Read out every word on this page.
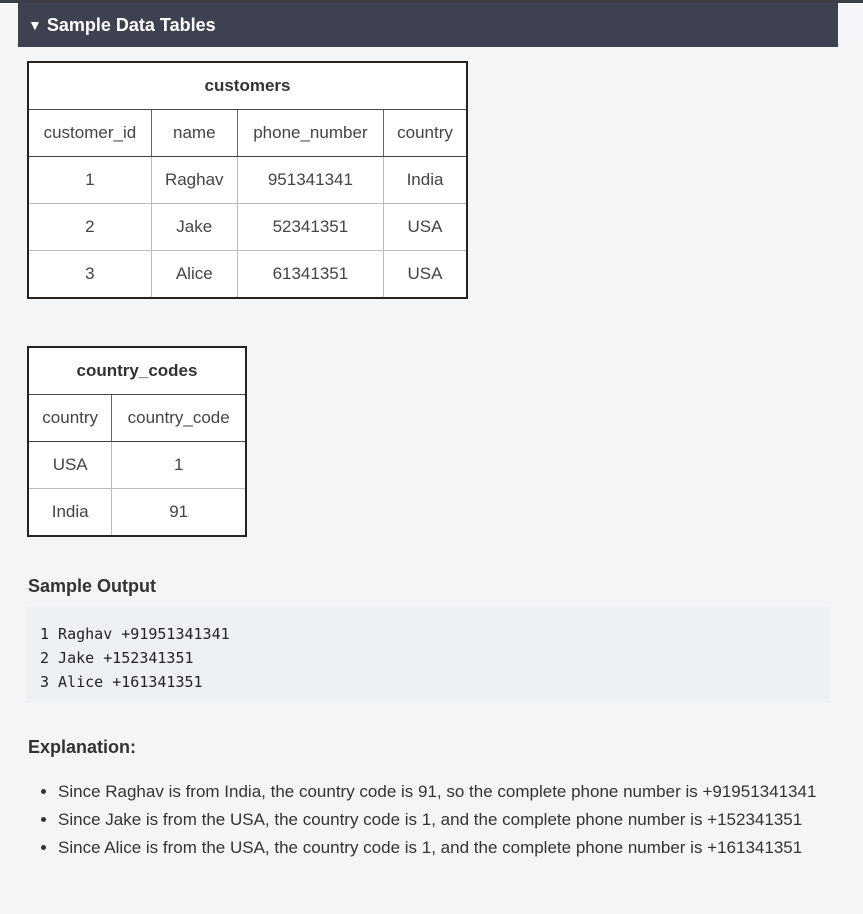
▼ Sample Data Tables
customers			
customer_id	name	phone_number	country
1	Raghav	951341341	India
2	Jake	52341351	USA
3	Alice	61341351	USA
country_codes	
country	country_code
USA	1
India	91
Sample Output
1 Raghav +91951341341
2 Jake +152341351
3 Alice +161341351
Explanation:
• Since Raghav is from India, the country code is 91, so the complete phone number is +91951341341
• Since Jake is from the USA, the country code is 1, and the complete phone number is +152341351
• Since Alice is from the USA, the country code is 1, and the complete phone number is +161341351
